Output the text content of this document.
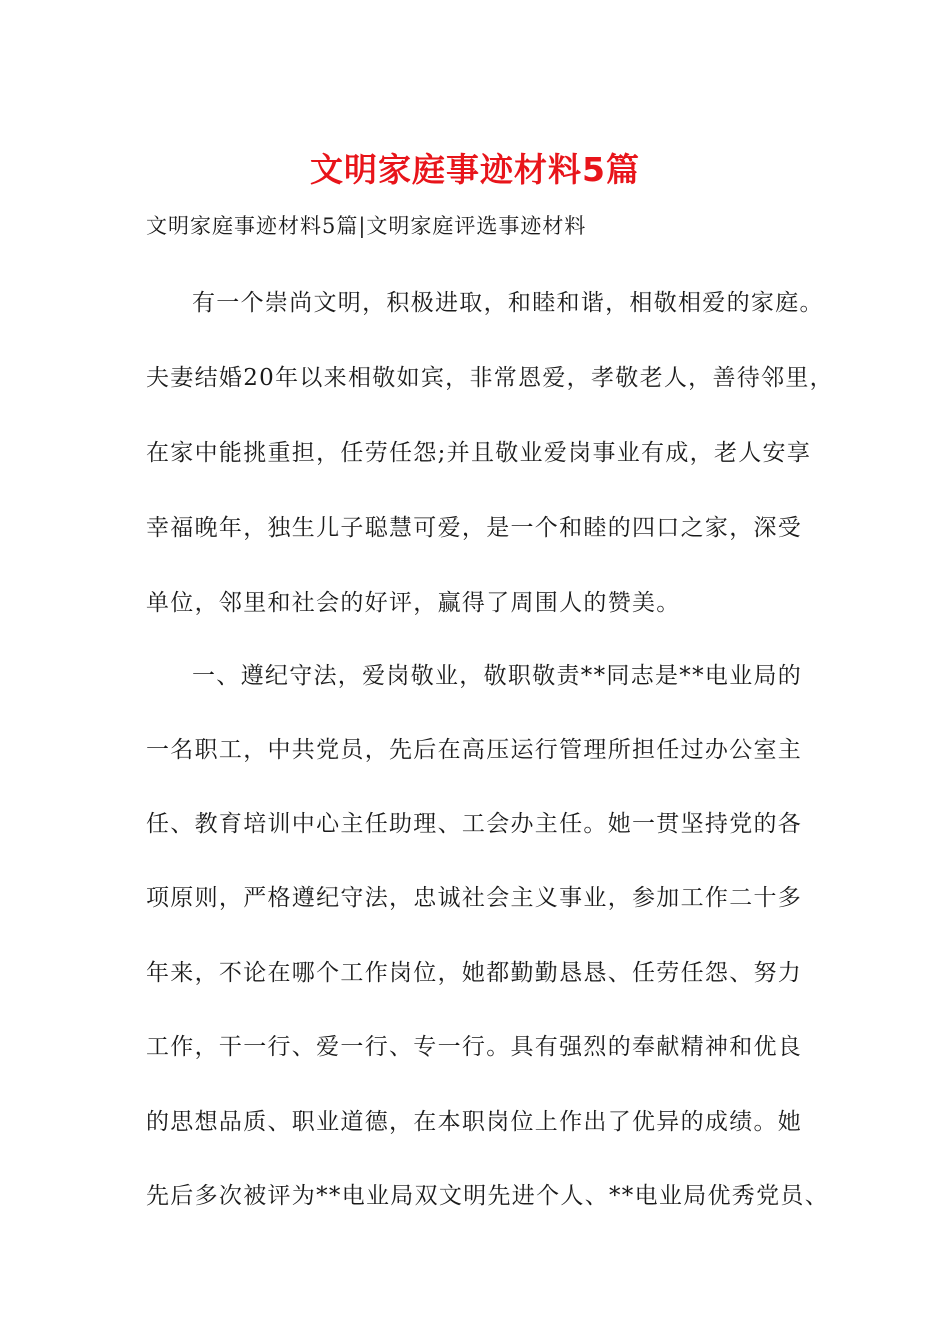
文明家庭事迹材料5篇
文明家庭事迹材料5篇|文明家庭评选事迹材料
有一个崇尚文明，积极进取，和睦和谐，相敬相爱的家庭。
夫妻结婚20年以来相敬如宾，非常恩爱，孝敬老人，善待邻里，
在家中能挑重担，任劳任怨;并且敬业爱岗事业有成，老人安享
幸福晚年，独生儿子聪慧可爱，是一个和睦的四口之家，深受
单位，邻里和社会的好评，赢得了周围人的赞美。
一、遵纪守法，爱岗敬业，敬职敬责**同志是**电业局的
一名职工，中共党员，先后在高压运行管理所担任过办公室主
任、教育培训中心主任助理、工会办主任。她一贯坚持党的各
项原则，严格遵纪守法，忠诚社会主义事业，参加工作二十多
年来，不论在哪个工作岗位，她都勤勤恳恳、任劳任怨、努力
工作，干一行、爱一行、专一行。具有强烈的奉献精神和优良
的思想品质、职业道德，在本职岗位上作出了优异的成绩。她
先后多次被评为**电业局双文明先进个人、**电业局优秀党员、
